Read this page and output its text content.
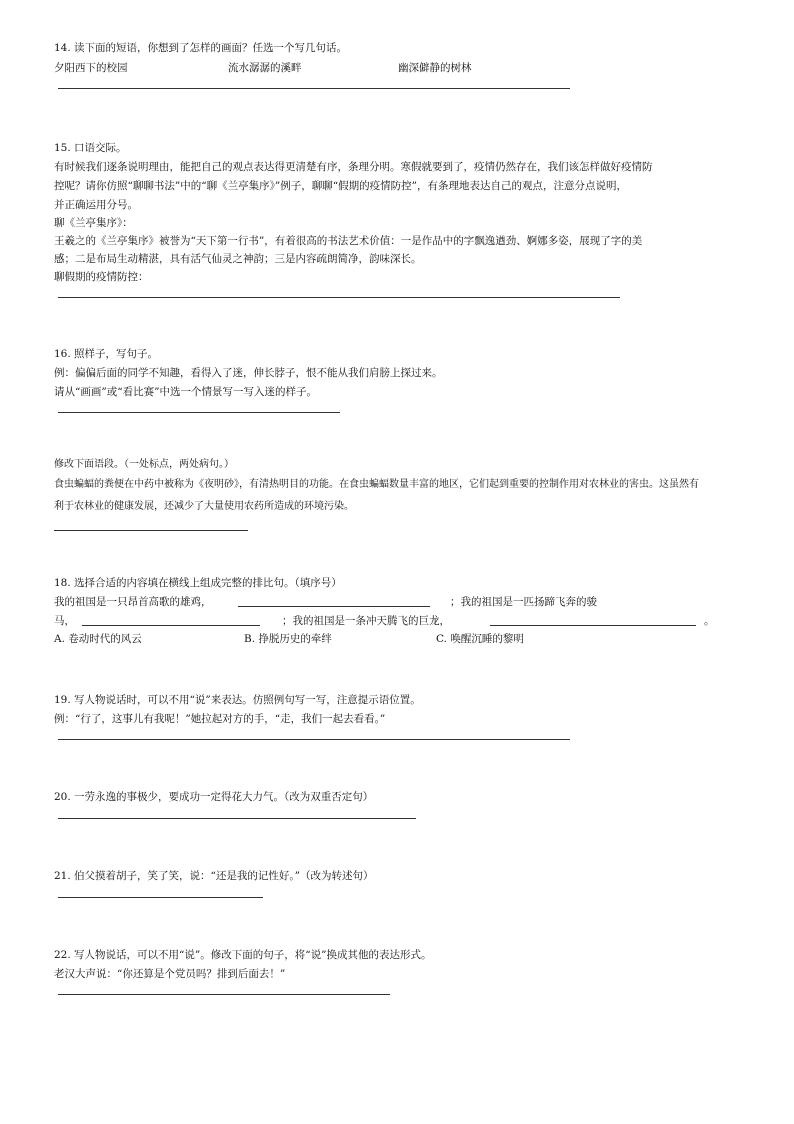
14. 读下面的短语，你想到了怎样的画面？任选一个写几句话。
夕阳西下的校园	流水潺潺的溪畔	幽深僻静的树林
15. 口语交际。
有时候我们逐条说明理由，能把自己的观点表达得更清楚有序，条理分明。寒假就要到了，疫情仍然存在，我们该怎样做好疫情防
控呢？请你仿照“聊聊书法”中的“聊《兰亭集序》”例子，聊聊“假期的疫情防控”，有条理地表达自己的观点，注意分点说明，
并正确运用分号。
聊《兰亭集序》：
王羲之的《兰亭集序》被誉为“天下第一行书”，有着很高的书法艺术价值：一是作品中的字飘逸遒劲、婀娜多姿，展现了字的美
感；二是布局生动精湛，具有活气仙灵之神韵；三是内容疏朗简净，韵味深长。
聊假期的疫情防控：
16. 照样子，写句子。
例：偏偏后面的同学不知趣，看得入了迷，伸长脖子，恨不能从我们肩膀上探过来。
请从“画画”或“看比赛”中选一个情景写一写入迷的样子。
修改下面语段。（一处标点，两处病句。）
食虫蝙蝠的粪便在中药中被称为《夜明砂》，有清热明目的功能。在食虫蝙蝠数量丰富的地区，它们起到重要的控制作用对农林业的害虫。这虽然有
利于农林业的健康发展，还减少了大量使用农药所造成的环境污染。
18. 选择合适的内容填在横线上组成完整的排比句。（填序号）
我的祖国是一只昂首高歌的雄鸡，	；我的祖国是一匹扬蹄飞奔的骏
马，	；我的祖国是一条冲天腾飞的巨龙，	。
A. 卷动时代的风云	B. 挣脱历史的牵绊	C. 唤醒沉睡的黎明
19. 写人物说话时，可以不用“说”来表达。仿照例句写一写，注意提示语位置。
例：“行了，这事儿有我呢！”她拉起对方的手，“走，我们一起去看看。”
20. 一劳永逸的事极少，要成功一定得花大力气。（改为双重否定句）
21. 伯父摸着胡子，笑了笑，说：“还是我的记性好。”（改为转述句）
22. 写人物说话，可以不用“说”。修改下面的句子，将“说”换成其他的表达形式。
老汉大声说：“你还算是个党员吗？排到后面去！”
